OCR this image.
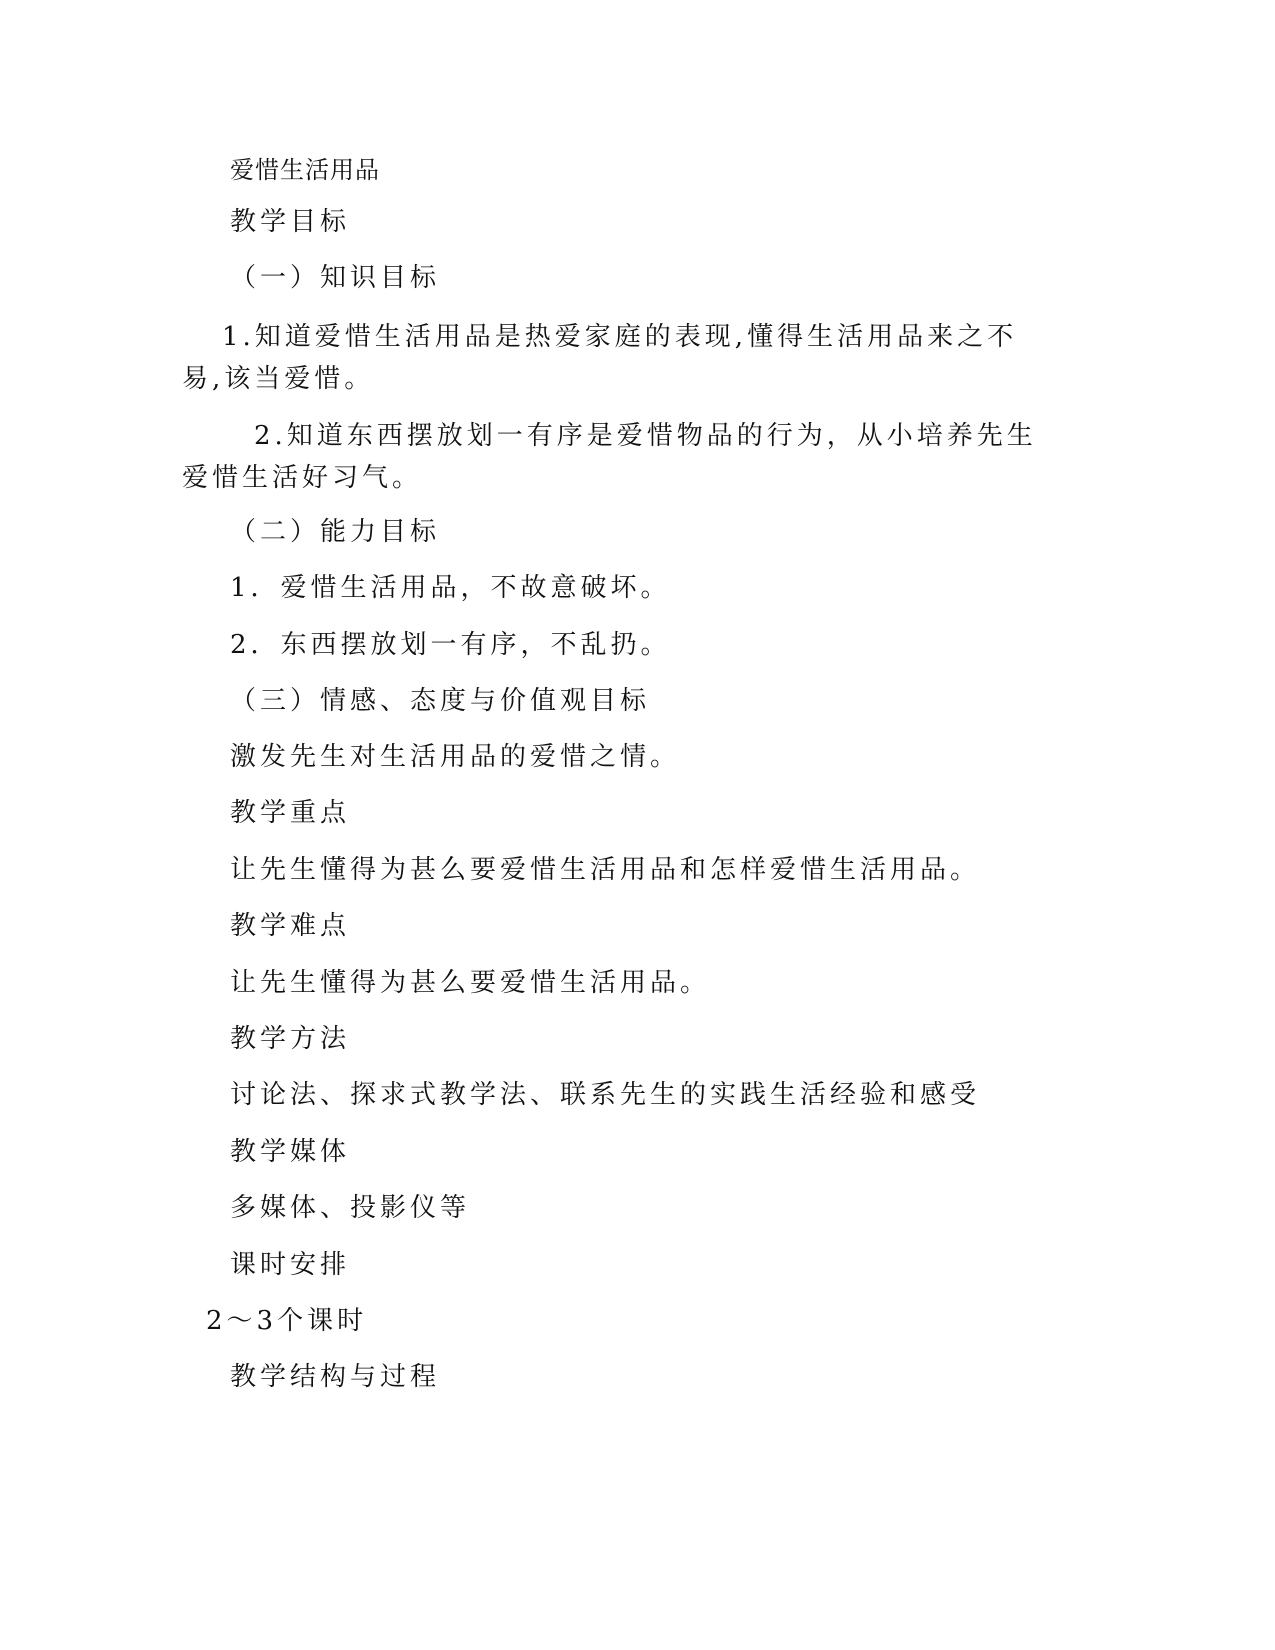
爱惜生活用品
教学目标
（一）知识目标
1.知道爱惜生活用品是热爱家庭的表现,懂得生活用品来之不易,该当爱惜。
2.知道东西摆放划一有序是爱惜物品的行为，从小培养先生爱惜生活好习气。
（二）能力目标
1．爱惜生活用品，不故意破坏。
2．东西摆放划一有序，不乱扔。
（三）情感、态度与价值观目标
激发先生对生活用品的爱惜之情。
教学重点
让先生懂得为甚么要爱惜生活用品和怎样爱惜生活用品。
教学难点
让先生懂得为甚么要爱惜生活用品。
教学方法
讨论法、探求式教学法、联系先生的实践生活经验和感受
教学媒体
多媒体、投影仪等
课时安排
2～3个课时
教学结构与过程
